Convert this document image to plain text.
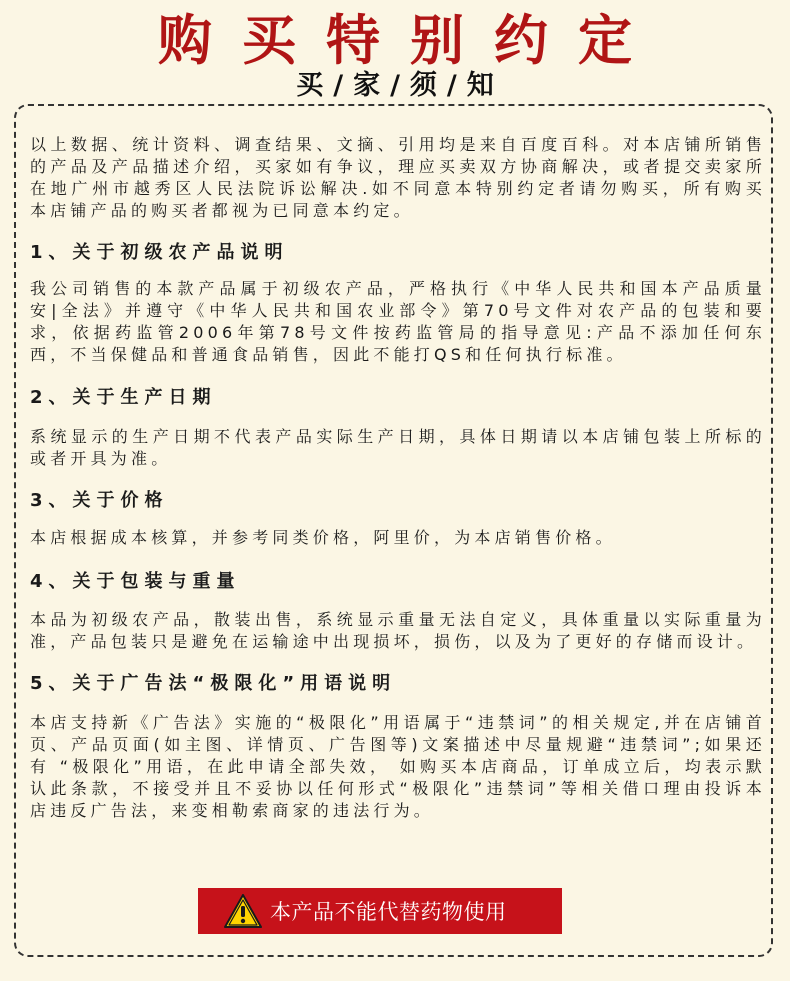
购买特别约定
买/家/须/知

以上数据、统计资料、调查结果、文摘、引用均是来自百度百科。对本店铺所销售的产品及产品描述介绍，买家如有争议，理应买卖双方协商解决，或者提交卖家所在地广州市越秀区人民法院诉讼解决.如不同意本特别约定者请勿购买，所有购买本店铺产品的购买者都视为已同意本约定。

1、关于初级农产品说明

我公司销售的本款产品属于初级农产品，严格执行《中华人民共和国本产品质量安|全法》并遵守《中华人民共和国农业部令》第70号文件对农产品的包装和要求，依据药监管2006年第78号文件按药监管局的指导意见:产品不添加任何东西，不当保健品和普通食品销售，因此不能打QS和任何执行标准。

2、关于生产日期

系统显示的生产日期不代表产品实际生产日期，具体日期请以本店铺包装上所标的或者开具为准。

3、关于价格

本店根据成本核算，并参考同类价格，阿里价，为本店销售价格。

4、关于包装与重量

本品为初级农产品，散装出售，系统显示重量无法自定义，具体重量以实际重量为准，产品包装只是避免在运输途中出现损坏，损伤，以及为了更好的存储而设计。

5、关于广告法“极限化”用语说明

本店支持新《广告法》实施的“极限化”用语属于“违禁词”的相关规定,并在店铺首页、产品页面(如主图、详情页、广告图等)文案描述中尽量规避“违禁词”;如果还有 “极限化”用语，在此申请全部失效， 如购买本店商品，订单成立后，均表示默认此条款，不接受并且不妥协以任何形式“极限化”违禁词”等相关借口理由投诉本店违反广告法，来变相勒索商家的违法行为。

本产品不能代替药物使用
